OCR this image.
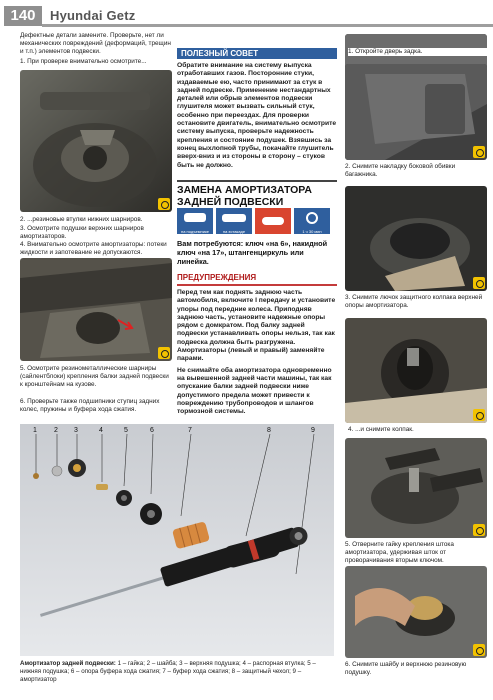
140	Hyundai Getz
Дефектные детали замените. Проверьте, нет ли механических повреждений (деформаций, трещин и т.п.) элементов подвески.
1. При проверке внимательно осмотрите...
2. ...резиновые втулки нижних шарниров.
3. Осмотрите подушки верхних шарниров амортизаторов.
4. Внимательно осмотрите амортизаторы: потеки жидкости и запотевание не допускаются.
5. Осмотрите резинометаллические шарниры (сайлентблоки) крепления балки задней подвески к кронштейнам на кузове.
6. Проверьте также подшипники ступиц задних колес, пружины и буфера хода сжатия.
ПОЛЕЗНЫЙ СОВЕТ
Обратите внимание на систему выпуска отработавших газов. Посторонние стуки, издаваемые ею, часто принимают за стук в задней подвеске. Применение нестандартных деталей или обрыв элементов подвески глушителя может вызвать сильный стук, особенно при переездах. Для проверки остановите двигатель, внимательно осмотрите систему выпуска, проверьте надежность крепления и состояние подушек. Взявшись за конец выхлопной трубы, покачайте глушитель вверх-вниз и из стороны в сторону – стуков быть не должно.
ЗАМЕНА АМОРТИЗАТОРА
ЗАДНЕЙ ПОДВЕСКИ
на подъемнике	на эстакаде	1 ч 30 мин
Вам потребуются: ключ «на 6», накидной ключ «на 17», штангенциркуль или линейка.
ПРЕДУПРЕЖДЕНИЯ
Перед тем как поднять заднюю часть автомобиля, включите I передачу и установите упоры под передние колеса. Приподняв заднюю часть, установите надежные опоры рядом с домкратом. Под балку задней подвески устанавливать опоры нельзя, так как подвеска должна быть разгружена.
Амортизаторы (левый и правый) заменяйте парами.
Не снимайте оба амортизатора одновременно на вывешенной задней части машины, так как опускание балки задней подвески ниже допустимого предела может привести к повреждению трубопроводов и шлангов тормозной системы.
1 2 3	4	5	6	7	8	9
Амортизатор задней подвески: 1 – гайка; 2 – шайба; 3 – верхняя подушка; 4 – распорная втулка; 5 – нижняя подушка; 6 – опора буфера хода сжатия; 7 – буфер хода сжатия; 8 – защитный чехол; 9 – амортизатор
2. Снимите накладку боковой обивки багажника.
3. Снимите лючок защитного колпака верхней опоры амортизатора.
4. ...и снимите колпак.
5. Отверните гайку крепления штока амортизатора, удерживая шток от проворачивания вторым ключом.
6. Снимите шайбу и верхнюю резиновую подушку.
1. Откройте дверь задка.
